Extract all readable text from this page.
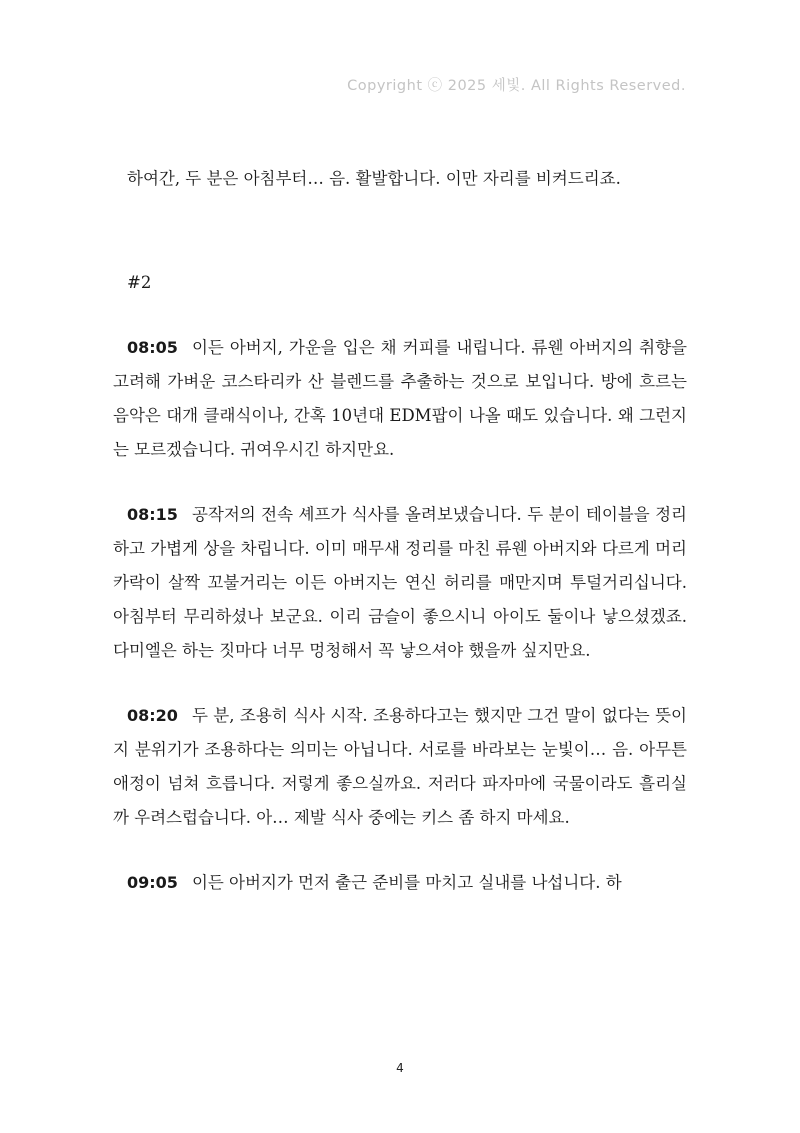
Copyright ⓒ 2025 세빛. All Rights Reserved.

하여간, 두 분은 아침부터… 음. 활발합니다. 이만 자리를 비켜드리죠.

#2

08:05 이든 아버지, 가운을 입은 채 커피를 내립니다. 류웬 아버지의 취향을 고려해 가벼운 코스타리카 산 블렌드를 추출하는 것으로 보입니다. 방에 흐르는 음악은 대개 클래식이나, 간혹 10년대 EDM팝이 나올 때도 있습니다. 왜 그런지는 모르겠습니다. 귀여우시긴 하지만요.

08:15 공작저의 전속 셰프가 식사를 올려보냈습니다. 두 분이 테이블을 정리하고 가볍게 상을 차립니다. 이미 매무새 정리를 마친 류웬 아버지와 다르게 머리카락이 살짝 꼬불거리는 이든 아버지는 연신 허리를 매만지며 투덜거리십니다. 아침부터 무리하셨나 보군요. 이리 금슬이 좋으시니 아이도 둘이나 낳으셨겠죠. 다미엘은 하는 짓마다 너무 멍청해서 꼭 낳으셔야 했을까 싶지만요.

08:20 두 분, 조용히 식사 시작. 조용하다고는 했지만 그건 말이 없다는 뜻이지 분위기가 조용하다는 의미는 아닙니다. 서로를 바라보는 눈빛이… 음. 아무튼 애정이 넘쳐 흐릅니다. 저렇게 좋으실까요. 저러다 파자마에 국물이라도 흘리실까 우려스럽습니다. 아… 제발 식사 중에는 키스 좀 하지 마세요.

09:05 이든 아버지가 먼저 출근 준비를 마치고 실내를 나섭니다. 하

4
